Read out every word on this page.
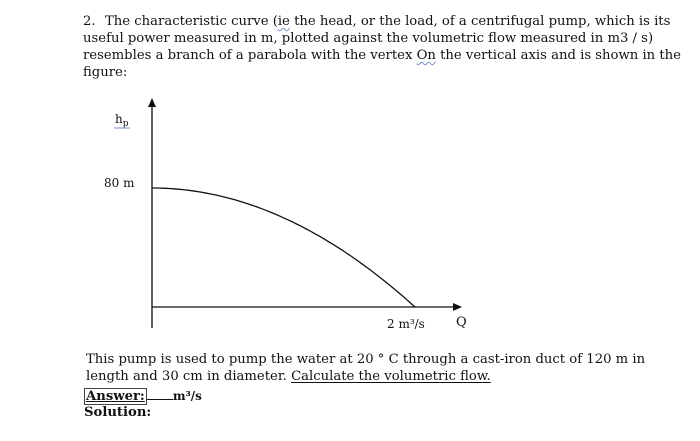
2. The characteristic curve (ie the head, or the load, of a centrifugal pump, which is its useful power measured in m, plotted against the volumetric flow measured in m3 / s) resembles a branch of a parabola with the vertex On the vertical axis and is shown in the figure:

$h_p$
80 m
2 m³/s Q

This pump is used to pump the water at 20 ° C through a cast-iron duct of 120 m in length and 30 cm in diameter. Calculate the volumetric flow.

Answer: m³/s
Solution:
